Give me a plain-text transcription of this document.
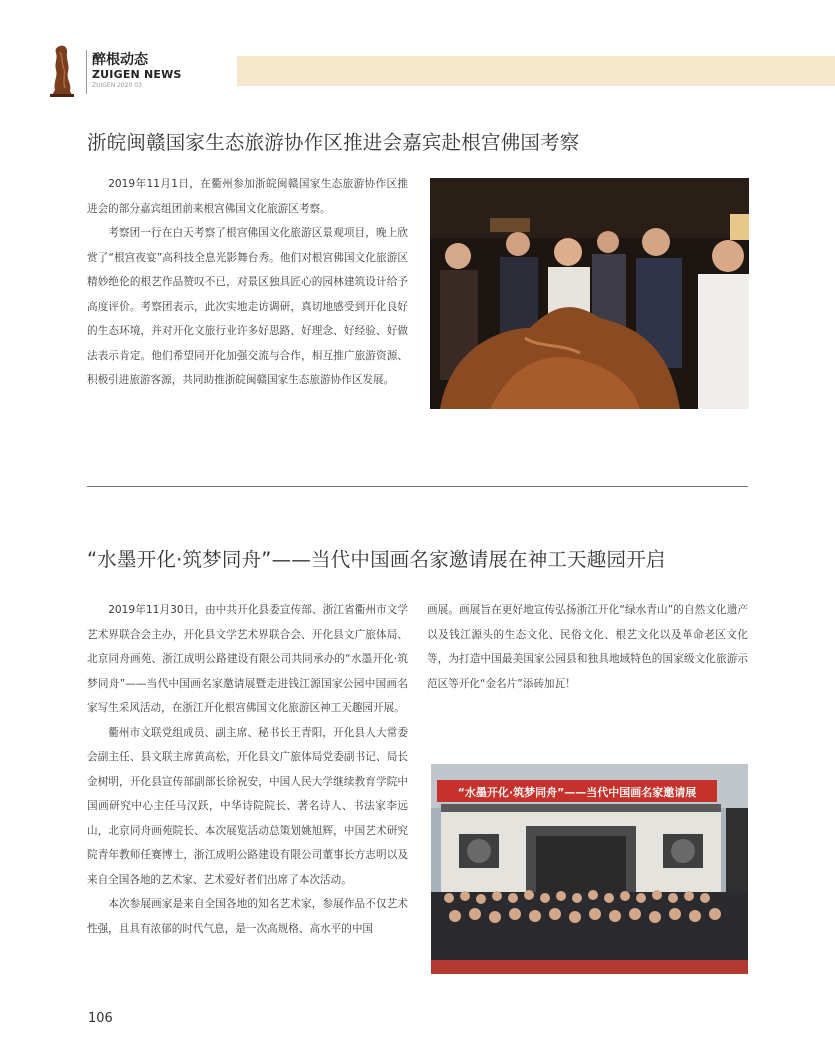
醉根动态
ZUIGEN NEWS
ZUIGEN 2020 03
浙皖闽赣国家生态旅游协作区推进会嘉宾赴根宫佛国考察

2019年11月1日，在衢州参加浙皖闽赣国家生态旅游协作区推进会的部分嘉宾组团前来根宫佛国文化旅游区考察。

考察团一行在白天考察了根宫佛国文化旅游区景观项目，晚上欣赏了“根宫夜宴”高科技全息光影舞台秀。他们对根宫佛国文化旅游区精妙绝伦的根艺作品赞叹不已，对景区独具匠心的园林建筑设计给予高度评价。考察团表示，此次实地走访调研，真切地感受到开化良好的生态环境，并对开化文旅行业许多好思路、好理念、好经验、好做法表示肯定。他们希望同开化加强交流与合作，相互推广旅游资源、积极引进旅游客源，共同助推浙皖闽赣国家生态旅游协作区发展。

“水墨开化·筑梦同舟”——当代中国画名家邀请展在神工天趣园开启

2019年11月30日，由中共开化县委宣传部、浙江省衢州市文学艺术界联合会主办，开化县文学艺术界联合会、开化县文广旅体局、北京同舟画苑、浙江成明公路建设有限公司共同承办的“水墨开化·筑梦同舟”——当代中国画名家邀请展暨走进钱江源国家公园中国画名家写生采风活动，在浙江开化根宫佛国文化旅游区神工天趣园开展。

衢州市文联党组成员、副主席、秘书长王青阳，开化县人大常委会副主任、县文联主席黄高松，开化县文广旅体局党委副书记、局长金树明，开化县宣传部副部长徐祝安，中国人民大学继续教育学院中国画研究中心主任马汉跃，中华诗院院长、著名诗人、书法家李远山，北京同舟画苑院长、本次展览活动总策划姚旭辉，中国艺术研究院青年教师任赛博士，浙江成明公路建设有限公司董事长方志明以及来自全国各地的艺术家、艺术爱好者们出席了本次活动。

本次参展画家是来自全国各地的知名艺术家，参展作品不仅艺术性强，且具有浓郁的时代气息，是一次高规格、高水平的中国

画展。画展旨在更好地宣传弘扬浙江开化“绿水青山”的自然文化遗产以及钱江源头的生态文化、民俗文化、根艺文化以及革命老区文化等，为打造中国最美国家公园县和独具地域特色的国家级文化旅游示范区等开化“金名片”添砖加瓦！

“水墨开化·筑梦同舟”——当代中国画名家邀请展
106
